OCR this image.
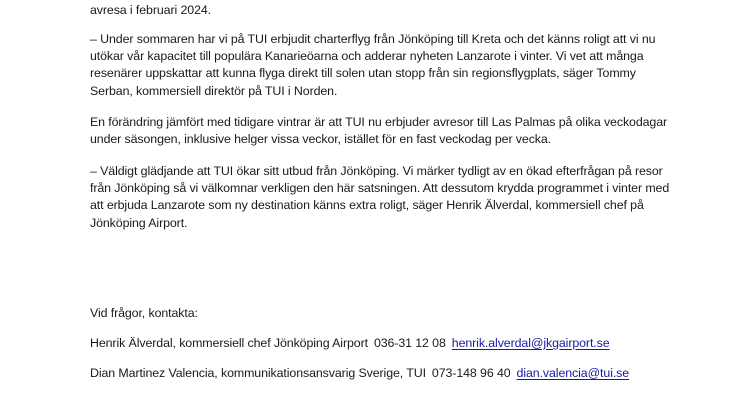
avresa i februari 2024.
– Under sommaren har vi på TUI erbjudit charterflyg från Jönköping till Kreta och det känns roligt att vi nu
utökar vår kapacitet till populära Kanarieöarna och adderar nyheten Lanzarote i vinter. Vi vet att många
resenärer uppskattar att kunna flyga direkt till solen utan stopp från sin regionsflygplats, säger Tommy
Serban, kommersiell direktör på TUI i Norden.
En förändring jämfört med tidigare vintrar är att TUI nu erbjuder avresor till Las Palmas på olika veckodagar
under säsongen, inklusive helger vissa veckor, istället för en fast veckodag per vecka.
– Väldigt glädjande att TUI ökar sitt utbud från Jönköping. Vi märker tydligt av en ökad efterfrågan på resor
från Jönköping så vi välkomnar verkligen den här satsningen. Att dessutom krydda programmet i vinter med
att erbjuda Lanzarote som ny destination känns extra roligt, säger Henrik Älverdal, kommersiell chef på
Jönköping Airport.
Vid frågor, kontakta:
Henrik Älverdal, kommersiell chef Jönköping Airport 036-31 12 08 henrik.alverdal@jkgairport.se
Dian Martinez Valencia, kommunikationsansvarig Sverige, TUI 073-148 96 40 dian.valencia@tui.se
